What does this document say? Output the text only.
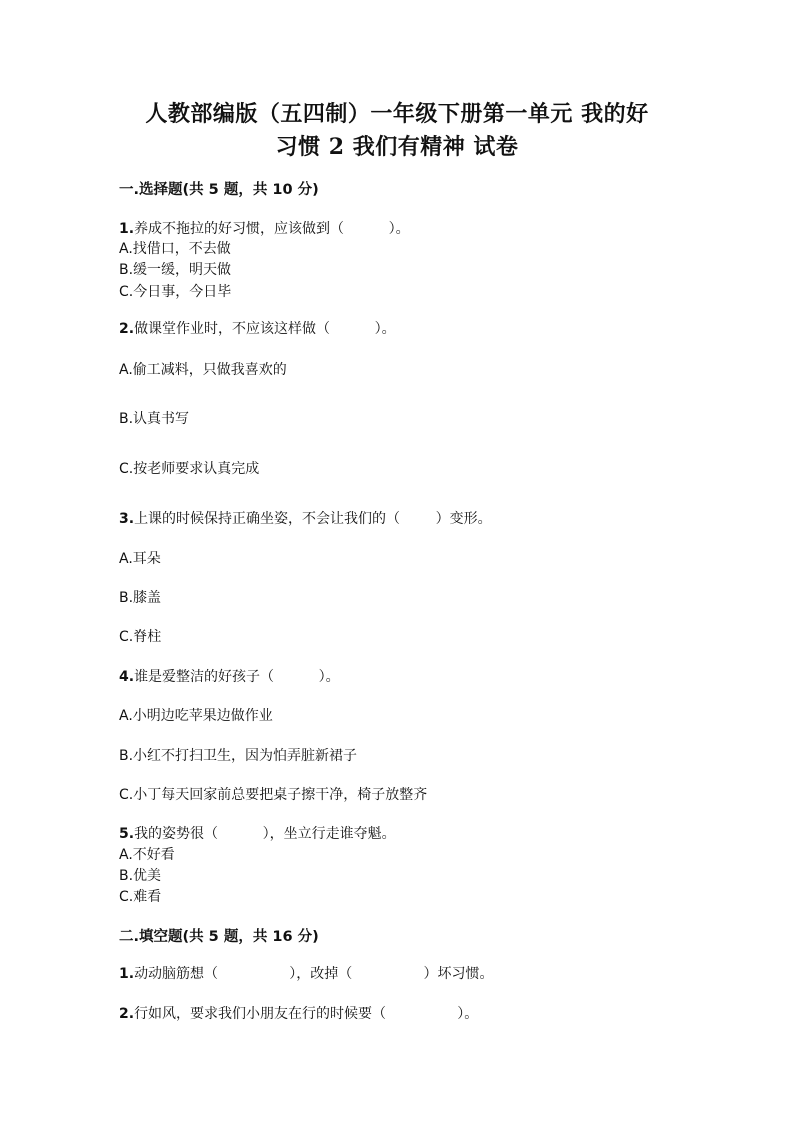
人教部编版（五四制）一年级下册第一单元 我的好
习惯 2 我们有精神 试卷
一.选择题(共 5 题，共 10 分)
1.养成不拖拉的好习惯，应该做到（          ）。
A.找借口，不去做
B.缓一缓，明天做
C.今日事，今日毕
2.做课堂作业时，不应该这样做（          ）。
A.偷工减料，只做我喜欢的
B.认真书写
C.按老师要求认真完成
3.上课的时候保持正确坐姿，不会让我们的（        ）变形。
A.耳朵
B.膝盖
C.脊柱
4.谁是爱整洁的好孩子（          ）。
A.小明边吃苹果边做作业
B.小红不打扫卫生，因为怕弄脏新裙子
C.小丁每天回家前总要把桌子擦干净，椅子放整齐
5.我的姿势很（          ），坐立行走谁夺魁。
A.不好看
B.优美
C.难看
二.填空题(共 5 题，共 16 分)
1.动动脑筋想（                ），改掉（                ）坏习惯。
2.行如风，要求我们小朋友在行的时候要（                ）。
